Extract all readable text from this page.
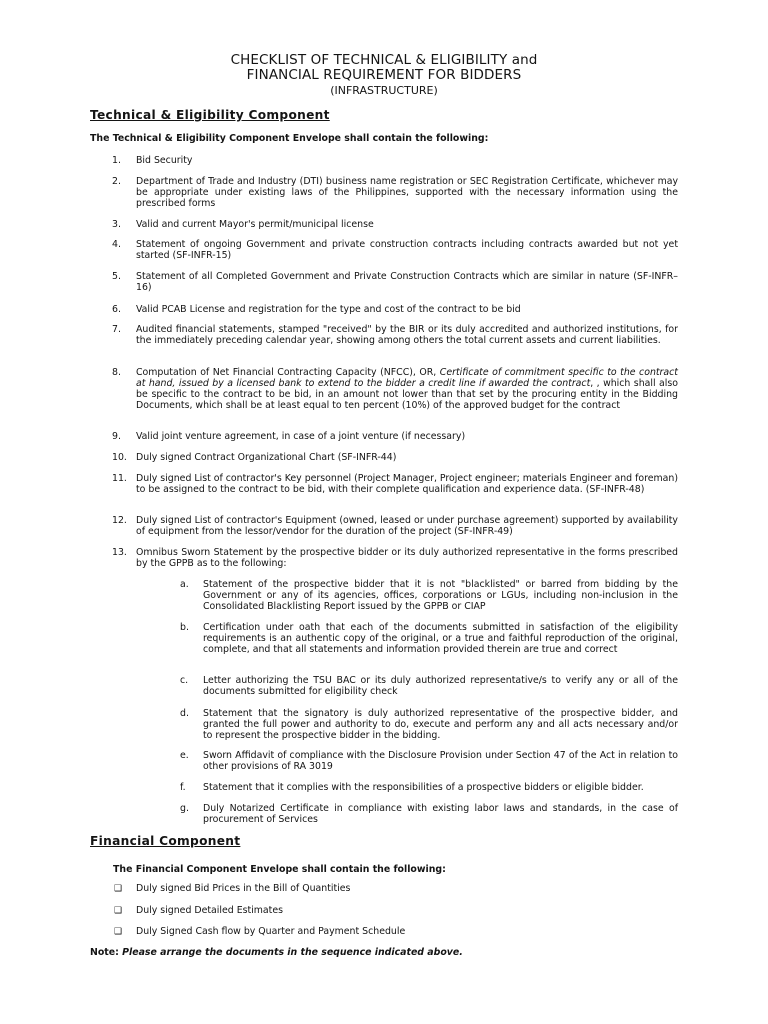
CHECKLIST OF TECHNICAL & ELIGIBILITY and
FINANCIAL REQUIREMENT FOR BIDDERS
(INFRASTRUCTURE)
Technical & Eligibility Component
The Technical & Eligibility Component Envelope shall contain the following:
1. Bid Security
2. Department of Trade and Industry (DTI) business name registration or SEC Registration Certificate, whichever may be appropriate under existing laws of the Philippines, supported with the necessary information using the prescribed forms
3. Valid and current Mayor's permit/municipal license
4. Statement of ongoing Government and private construction contracts including contracts awarded but not yet started (SF-INFR-15)
5. Statement of all Completed Government and Private Construction Contracts which are similar in nature (SF-INFR–16)
6. Valid PCAB License and registration for the type and cost of the contract to be bid
7. Audited financial statements, stamped "received" by the BIR or its duly accredited and authorized institutions, for the immediately preceding calendar year, showing among others the total current assets and current liabilities.
8. Computation of Net Financial Contracting Capacity (NFCC), OR, Certificate of commitment specific to the contract at hand, issued by a licensed bank to extend to the bidder a credit line if awarded the contract, , which shall also be specific to the contract to be bid, in an amount not lower than that set by the procuring entity in the Bidding Documents, which shall be at least equal to ten percent (10%) of the approved budget for the contract
9. Valid joint venture agreement, in case of a joint venture (if necessary)
10. Duly signed Contract Organizational Chart (SF-INFR-44)
11. Duly signed List of contractor's Key personnel (Project Manager, Project engineer; materials Engineer and foreman) to be assigned to the contract to be bid, with their complete qualification and experience data. (SF-INFR-48)
12. Duly signed List of contractor's Equipment (owned, leased or under purchase agreement) supported by availability of equipment from the lessor/vendor for the duration of the project (SF-INFR-49)
13. Omnibus Sworn Statement by the prospective bidder or its duly authorized representative in the forms prescribed by the GPPB as to the following:
a. Statement of the prospective bidder that it is not "blacklisted" or barred from bidding by the Government or any of its agencies, offices, corporations or LGUs, including non-inclusion in the Consolidated Blacklisting Report issued by the GPPB or CIAP
b. Certification under oath that each of the documents submitted in satisfaction of the eligibility requirements is an authentic copy of the original, or a true and faithful reproduction of the original, complete, and that all statements and information provided therein are true and correct
c. Letter authorizing the TSU BAC or its duly authorized representative/s to verify any or all of the documents submitted for eligibility check
d. Statement that the signatory is duly authorized representative of the prospective bidder, and granted the full power and authority to do, execute and perform any and all acts necessary and/or to represent the prospective bidder in the bidding.
e. Sworn Affidavit of compliance with the Disclosure Provision under Section 47 of the Act in relation to other provisions of RA 3019
f. Statement that it complies with the responsibilities of a prospective bidders or eligible bidder.
g. Duly Notarized Certificate in compliance with existing labor laws and standards, in the case of procurement of Services
Financial Component
The Financial Component Envelope shall contain the following:
❑ Duly signed Bid Prices in the Bill of Quantities
❑ Duly signed Detailed Estimates
❑ Duly Signed Cash flow by Quarter and Payment Schedule
Note: Please arrange the documents in the sequence indicated above.
